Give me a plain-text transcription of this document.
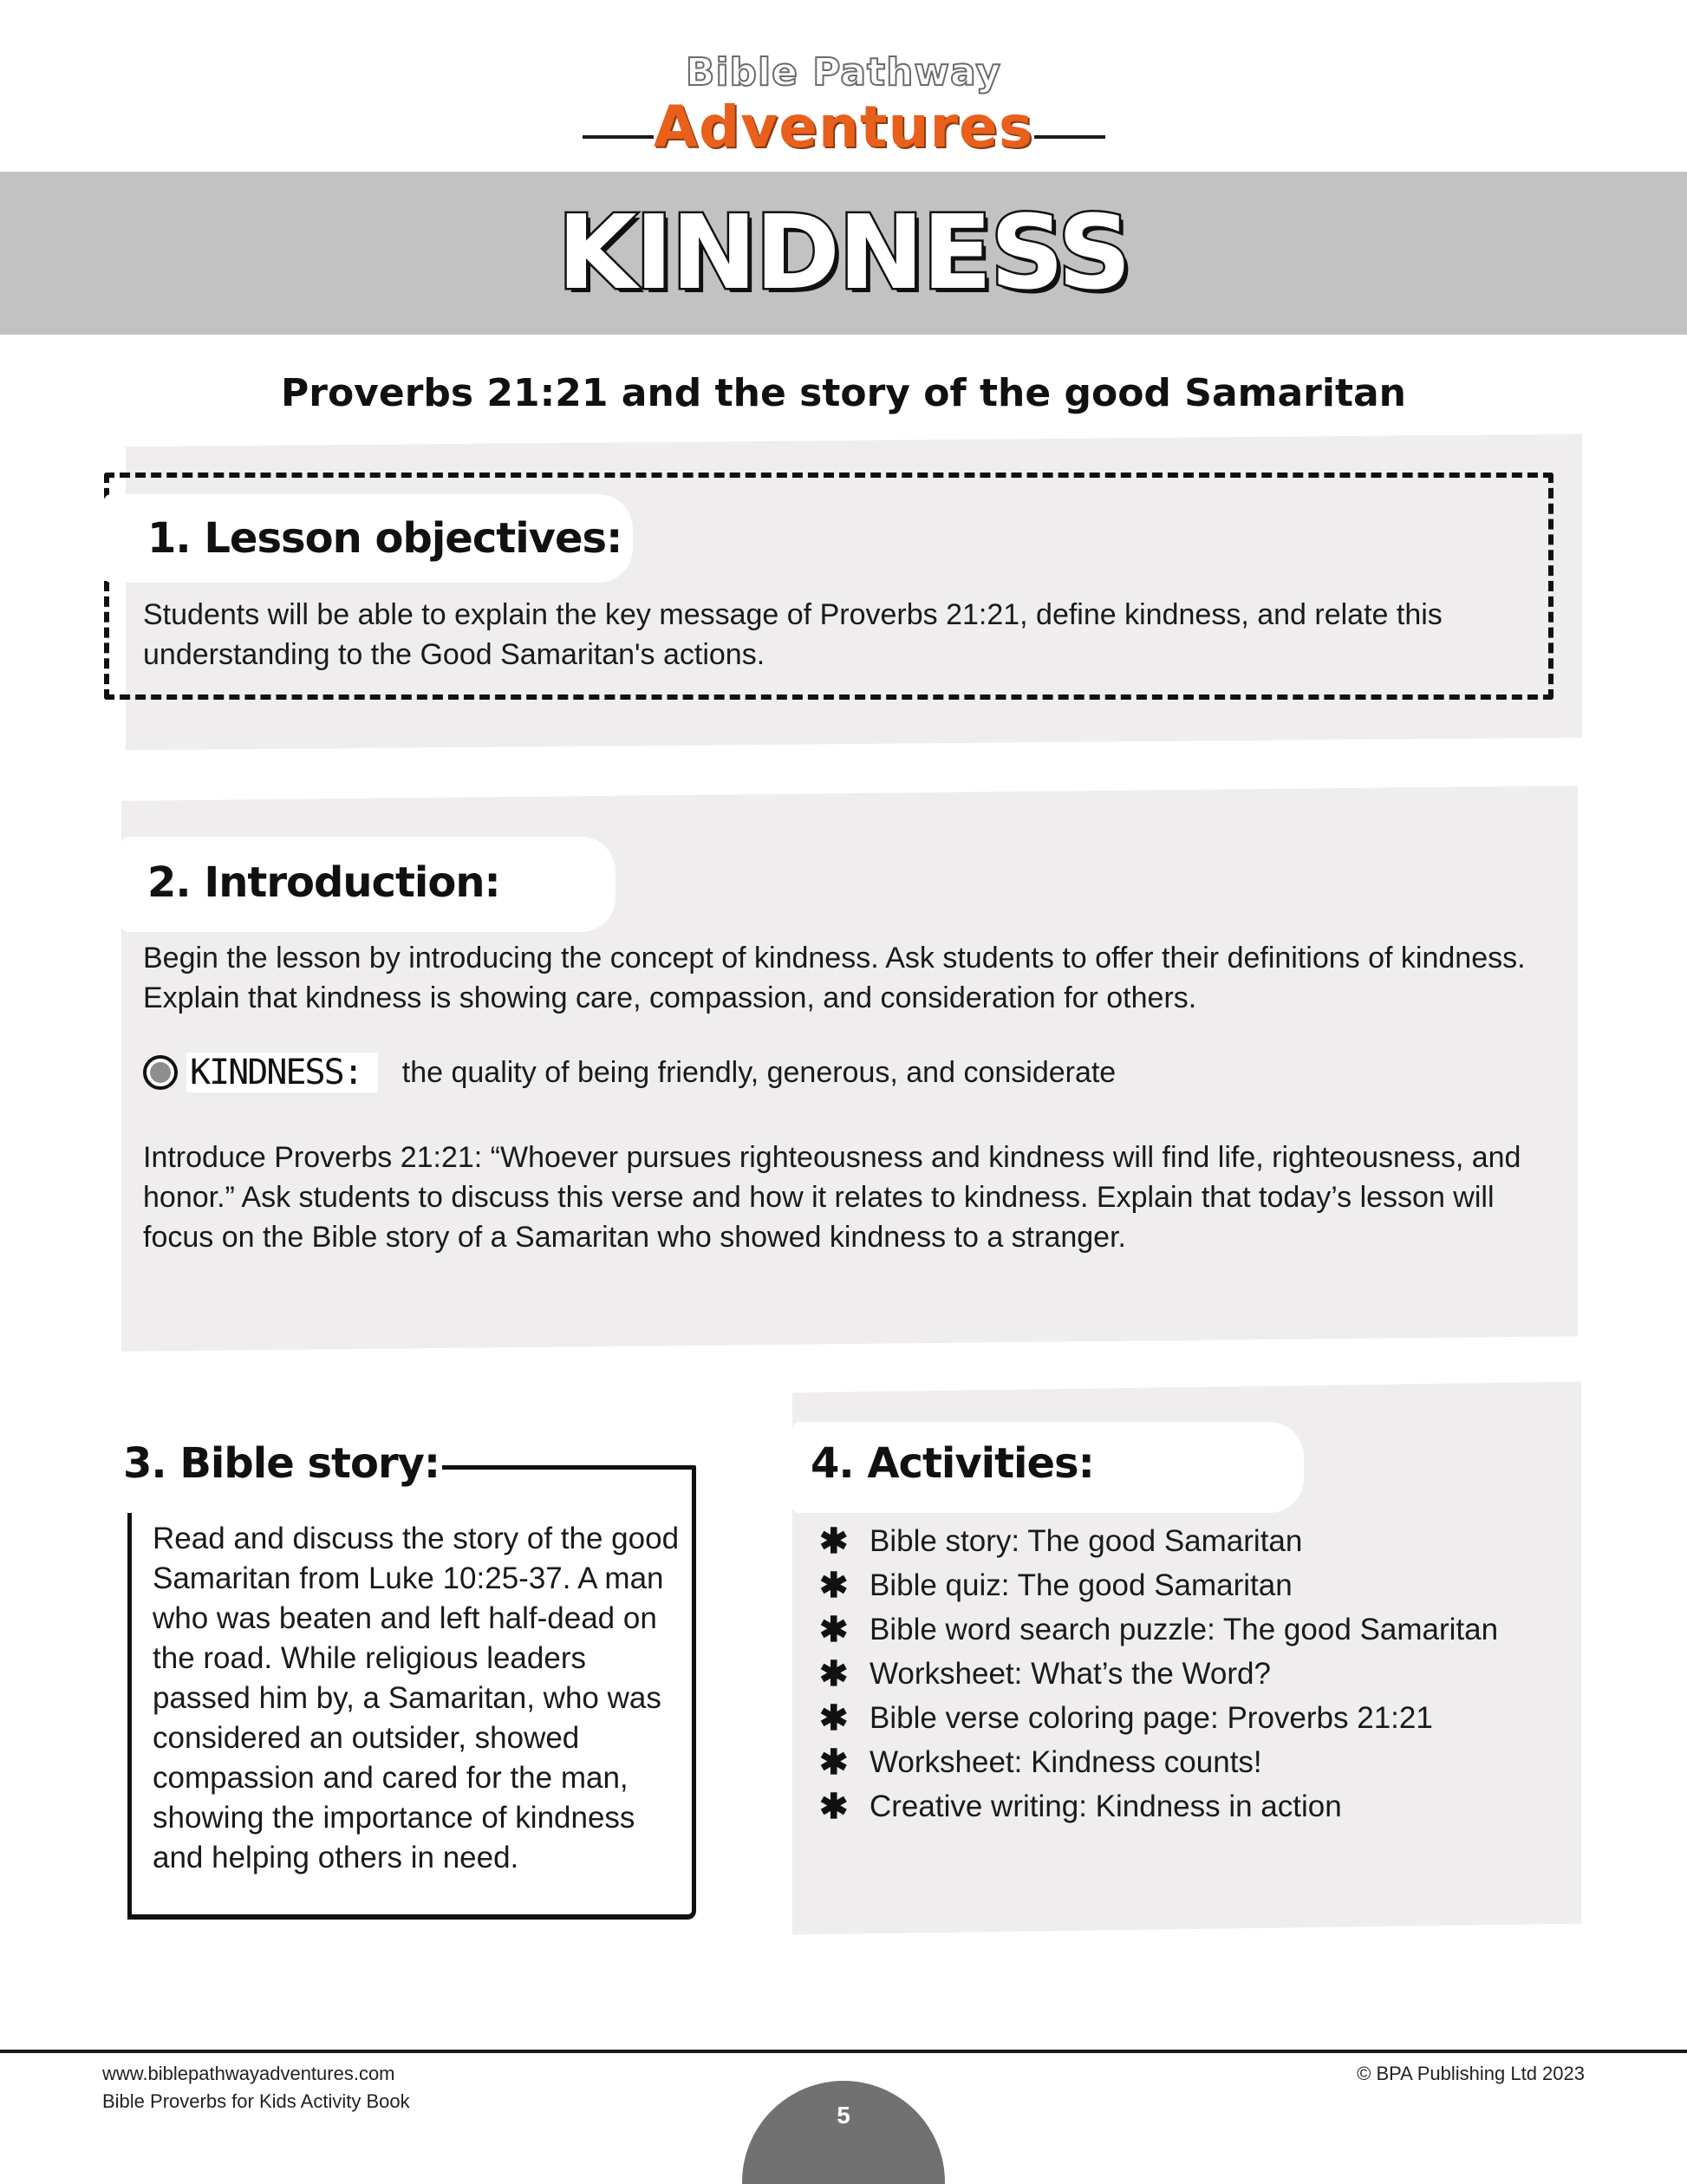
Bible Pathway
Adventures
KINDNESS
Proverbs 21:21 and the story of the good Samaritan
1. Lesson objectives:
Students will be able to explain the key message of Proverbs 21:21, define kindness, and relate this understanding to the Good Samaritan's actions.
2. Introduction:
Begin the lesson by introducing the concept of kindness. Ask students to offer their definitions of kindness. Explain that kindness is showing care, compassion, and consideration for others.
KINDNESS:	the quality of being friendly, generous, and considerate
Introduce Proverbs 21:21: “Whoever pursues righteousness and kindness will find life, righteousness, and honor.” Ask students to discuss this verse and how it relates to kindness. Explain that today’s lesson will focus on the Bible story of a Samaritan who showed kindness to a stranger.
3. Bible story:
Read and discuss the story of the good Samaritan from Luke 10:25-37. A man who was beaten and left half-dead on the road. While religious leaders passed him by, a Samaritan, who was considered an outsider, showed compassion and cared for the man, showing the importance of kindness and helping others in need.
4. Activities:
✱ Bible story: The good Samaritan
✱ Bible quiz: The good Samaritan
✱ Bible word search puzzle: The good Samaritan
✱ Worksheet: What’s the Word?
✱ Bible verse coloring page: Proverbs 21:21
✱ Worksheet: Kindness counts!
✱ Creative writing: Kindness in action
www.biblepathwayadventures.com
Bible Proverbs for Kids Activity Book
© BPA Publishing Ltd 2023
5
